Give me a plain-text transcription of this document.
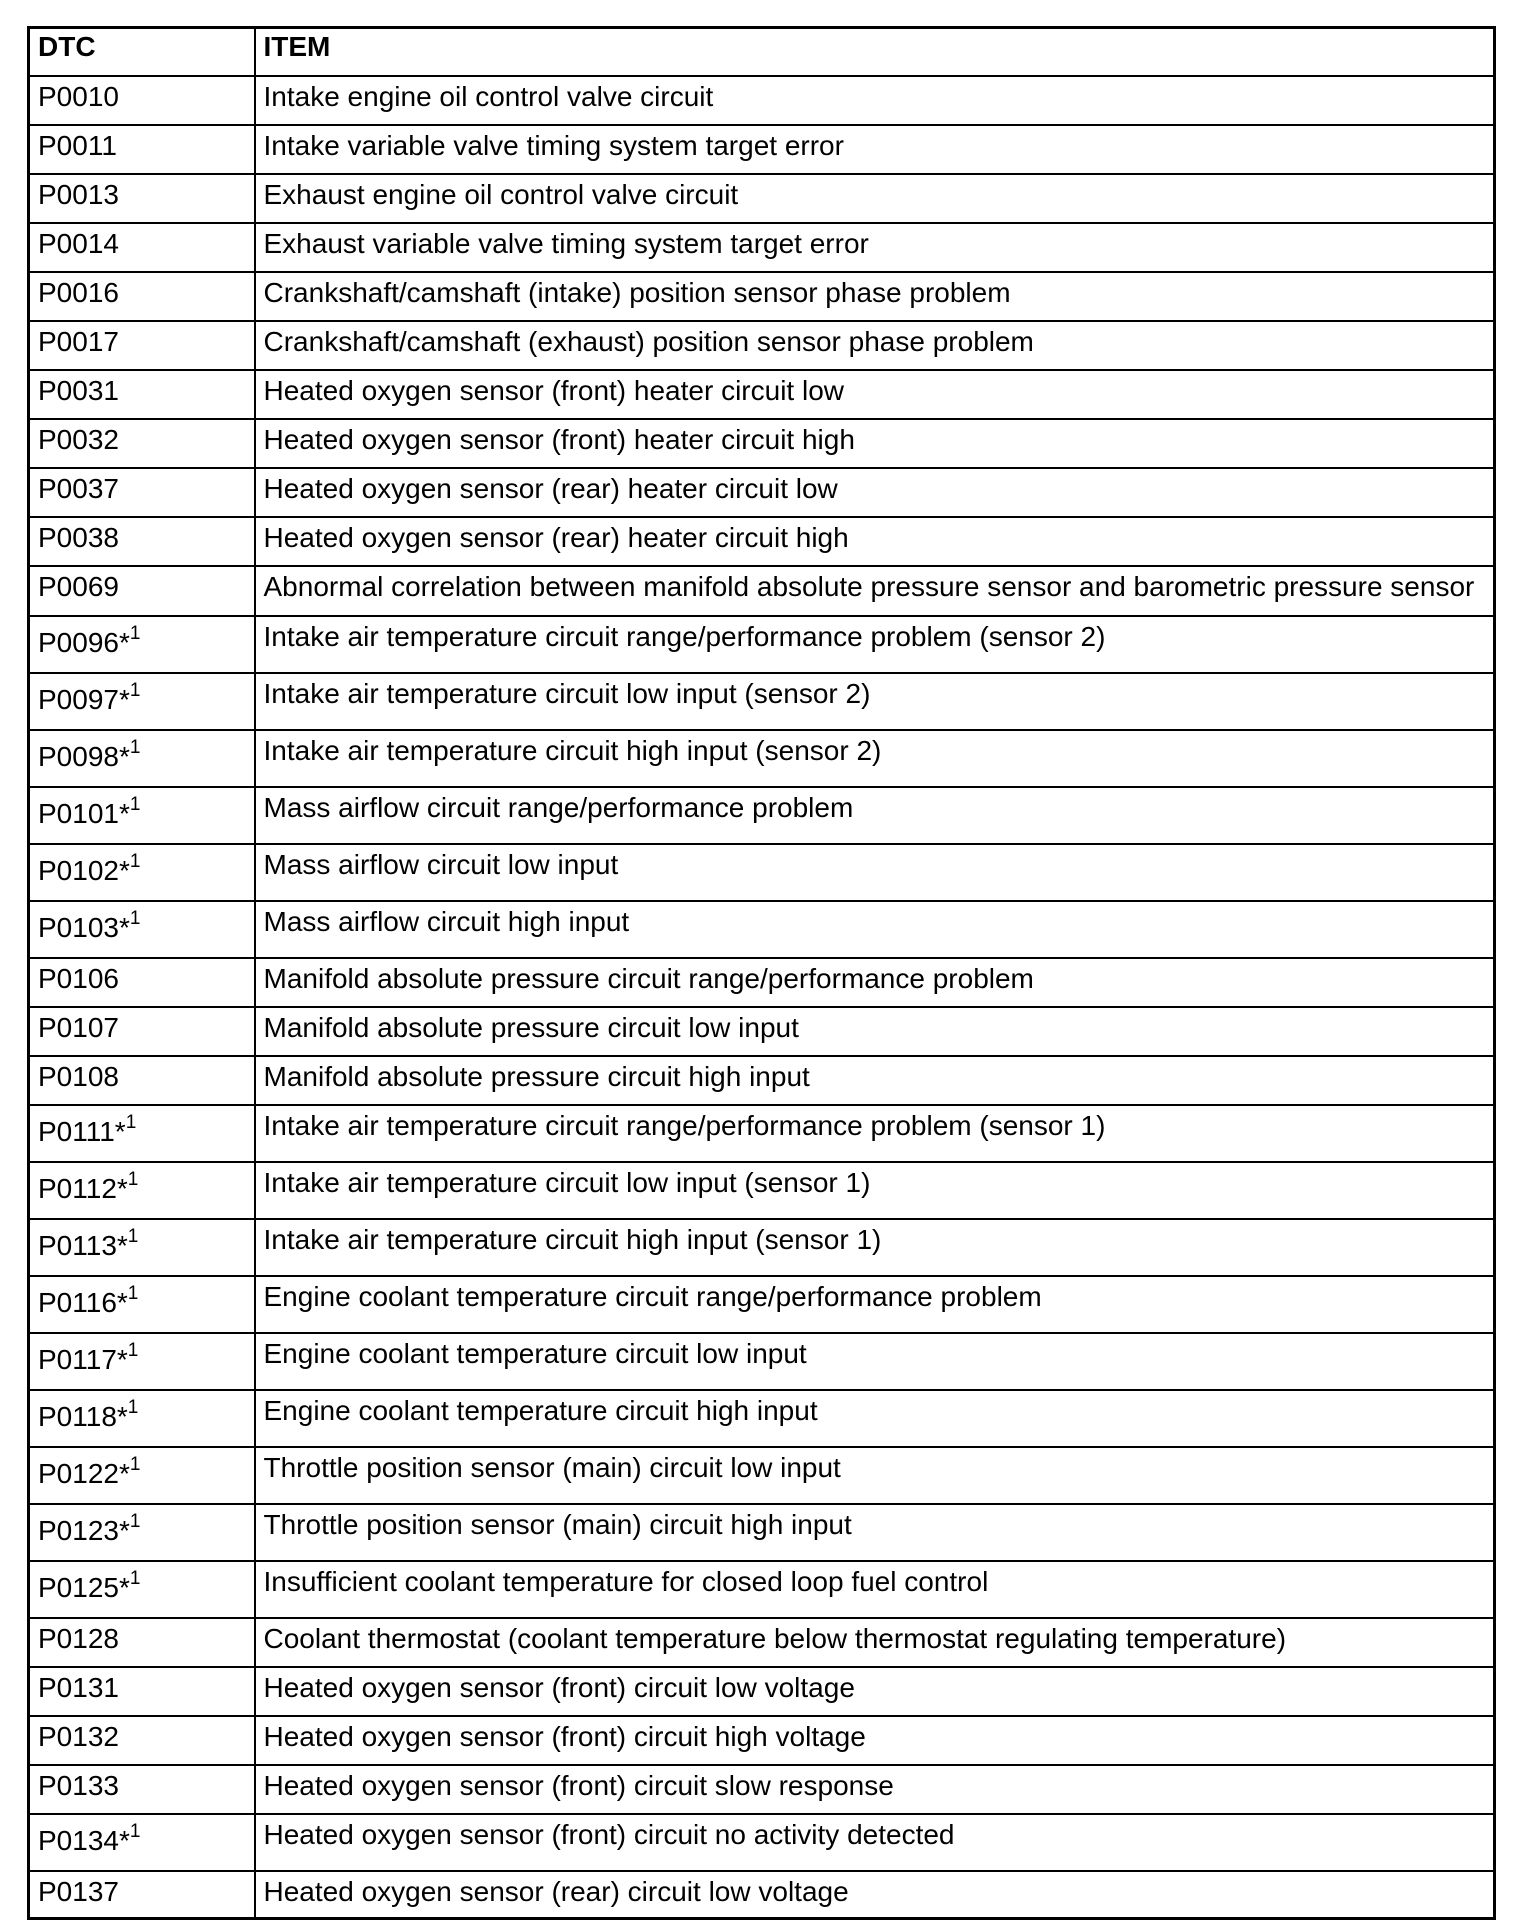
DTC	ITEM
P0010	Intake engine oil control valve circuit
P0011	Intake variable valve timing system target error
P0013	Exhaust engine oil control valve circuit
P0014	Exhaust variable valve timing system target error
P0016	Crankshaft/camshaft (intake) position sensor phase problem
P0017	Crankshaft/camshaft (exhaust) position sensor phase problem
P0031	Heated oxygen sensor (front) heater circuit low
P0032	Heated oxygen sensor (front) heater circuit high
P0037	Heated oxygen sensor (rear) heater circuit low
P0038	Heated oxygen sensor (rear) heater circuit high
P0069	Abnormal correlation between manifold absolute pressure sensor and barometric pressure sensor
P0096*$^1$	Intake air temperature circuit range/performance problem (sensor 2)
P0097*$^1$	Intake air temperature circuit low input (sensor 2)
P0098*$^1$	Intake air temperature circuit high input (sensor 2)
P0101*$^1$	Mass airflow circuit range/performance problem
P0102*$^1$	Mass airflow circuit low input
P0103*$^1$	Mass airflow circuit high input
P0106	Manifold absolute pressure circuit range/performance problem
P0107	Manifold absolute pressure circuit low input
P0108	Manifold absolute pressure circuit high input
P0111*$^1$	Intake air temperature circuit range/performance problem (sensor 1)
P0112*$^1$	Intake air temperature circuit low input (sensor 1)
P0113*$^1$	Intake air temperature circuit high input (sensor 1)
P0116*$^1$	Engine coolant temperature circuit range/performance problem
P0117*$^1$	Engine coolant temperature circuit low input
P0118*$^1$	Engine coolant temperature circuit high input
P0122*$^1$	Throttle position sensor (main) circuit low input
P0123*$^1$	Throttle position sensor (main) circuit high input
P0125*$^1$	Insufficient coolant temperature for closed loop fuel control
P0128	Coolant thermostat (coolant temperature below thermostat regulating temperature)
P0131	Heated oxygen sensor (front) circuit low voltage
P0132	Heated oxygen sensor (front) circuit high voltage
P0133	Heated oxygen sensor (front) circuit slow response
P0134*$^1$	Heated oxygen sensor (front) circuit no activity detected
P0137	Heated oxygen sensor (rear) circuit low voltage
